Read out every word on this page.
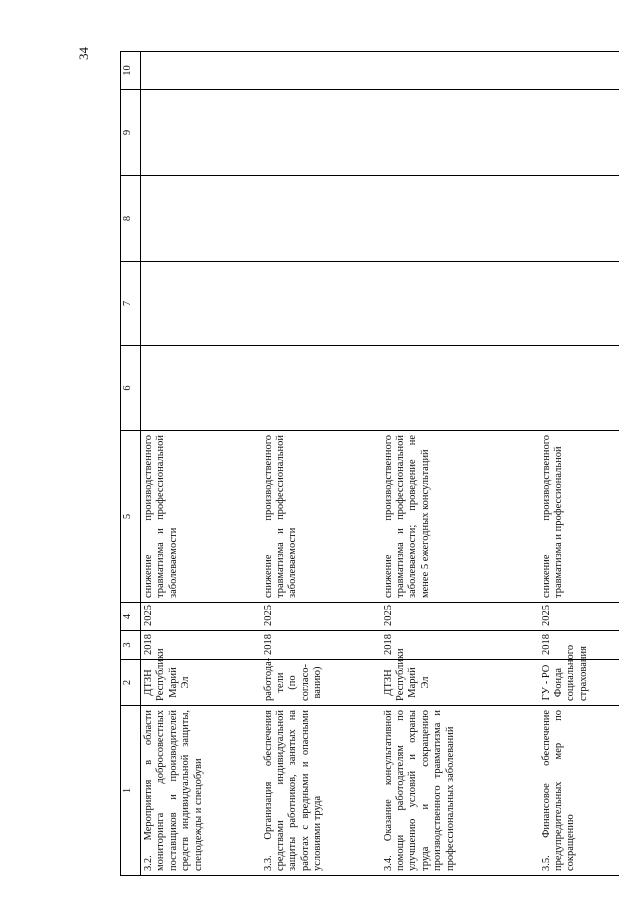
34
1	2	3	4	5	6	7	8	9	10
3.2. Мероприятия в области мониторинга добросовестных поставщиков и производителей средств индивидуальной защиты, спецодежды и спецобуви	ДТЗН Республики Марий Эл	2018	2025	снижение производственного травматизма и профессиональной заболеваемости					
3.3. Организация обеспечения средствами индивидуальной защиты работников, занятых на работах с вредными и опасными условиями труда	работода-тели (по согласо-ванию)	2018	2025	снижение производственного травматизма и профессиональной заболеваемости					
3.4. Оказание консультативной помощи работодателям по улучшению условий и охраны труда и сокращению производственного травматизма и профессиональных заболеваний	ДТЗН Республики Марий Эл	2018	2025	снижение производственного травматизма и профессиональной заболеваемости; проведение не менее 5 ежегодных консультаций					
3.5. Финансовое обеспечение предупредительных мер по сокращению	ГУ - РО Фонда социального страхования	2018	2025	снижение производственного травматизма и профессиональной					
